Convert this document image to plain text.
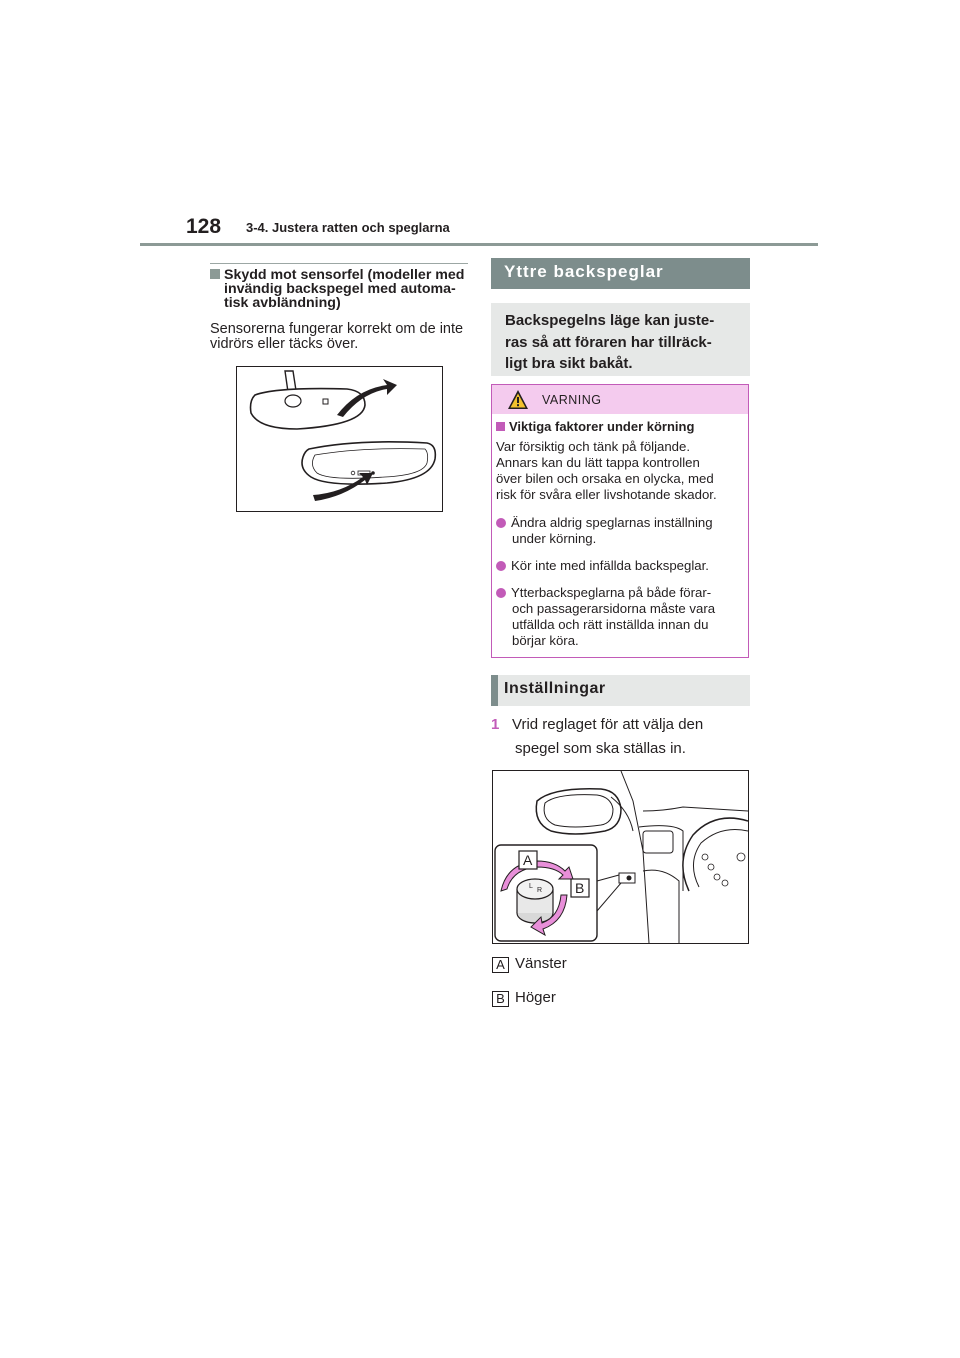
128 3-4. Justera ratten och speglarna
Skydd mot sensorfel (modeller med
invändig backspegel med automa-
tisk avbländning)
Sensorerna fungerar korrekt om de inte
vidrörs eller täcks över.
Yttre backspeglar
Backspegelns läge kan juste-
ras så att föraren har tillräck-
ligt bra sikt bakåt.
VARNING
Viktiga faktorer under körning
Var försiktig och tänk på följande.
Annars kan du lätt tappa kontrollen
över bilen och orsaka en olycka, med
risk för svåra eller livshotande skador.
Ändra aldrig speglarnas inställning
under körning.
Kör inte med infällda backspeglar.
Ytterbackspeglarna på både förar-
och passagerarsidorna måste vara
utfällda och rätt inställda innan du
börjar köra.
Inställningar
1 Vrid reglaget för att välja den
spegel som ska ställas in.
L
R
A
B
A Vänster
B Höger
